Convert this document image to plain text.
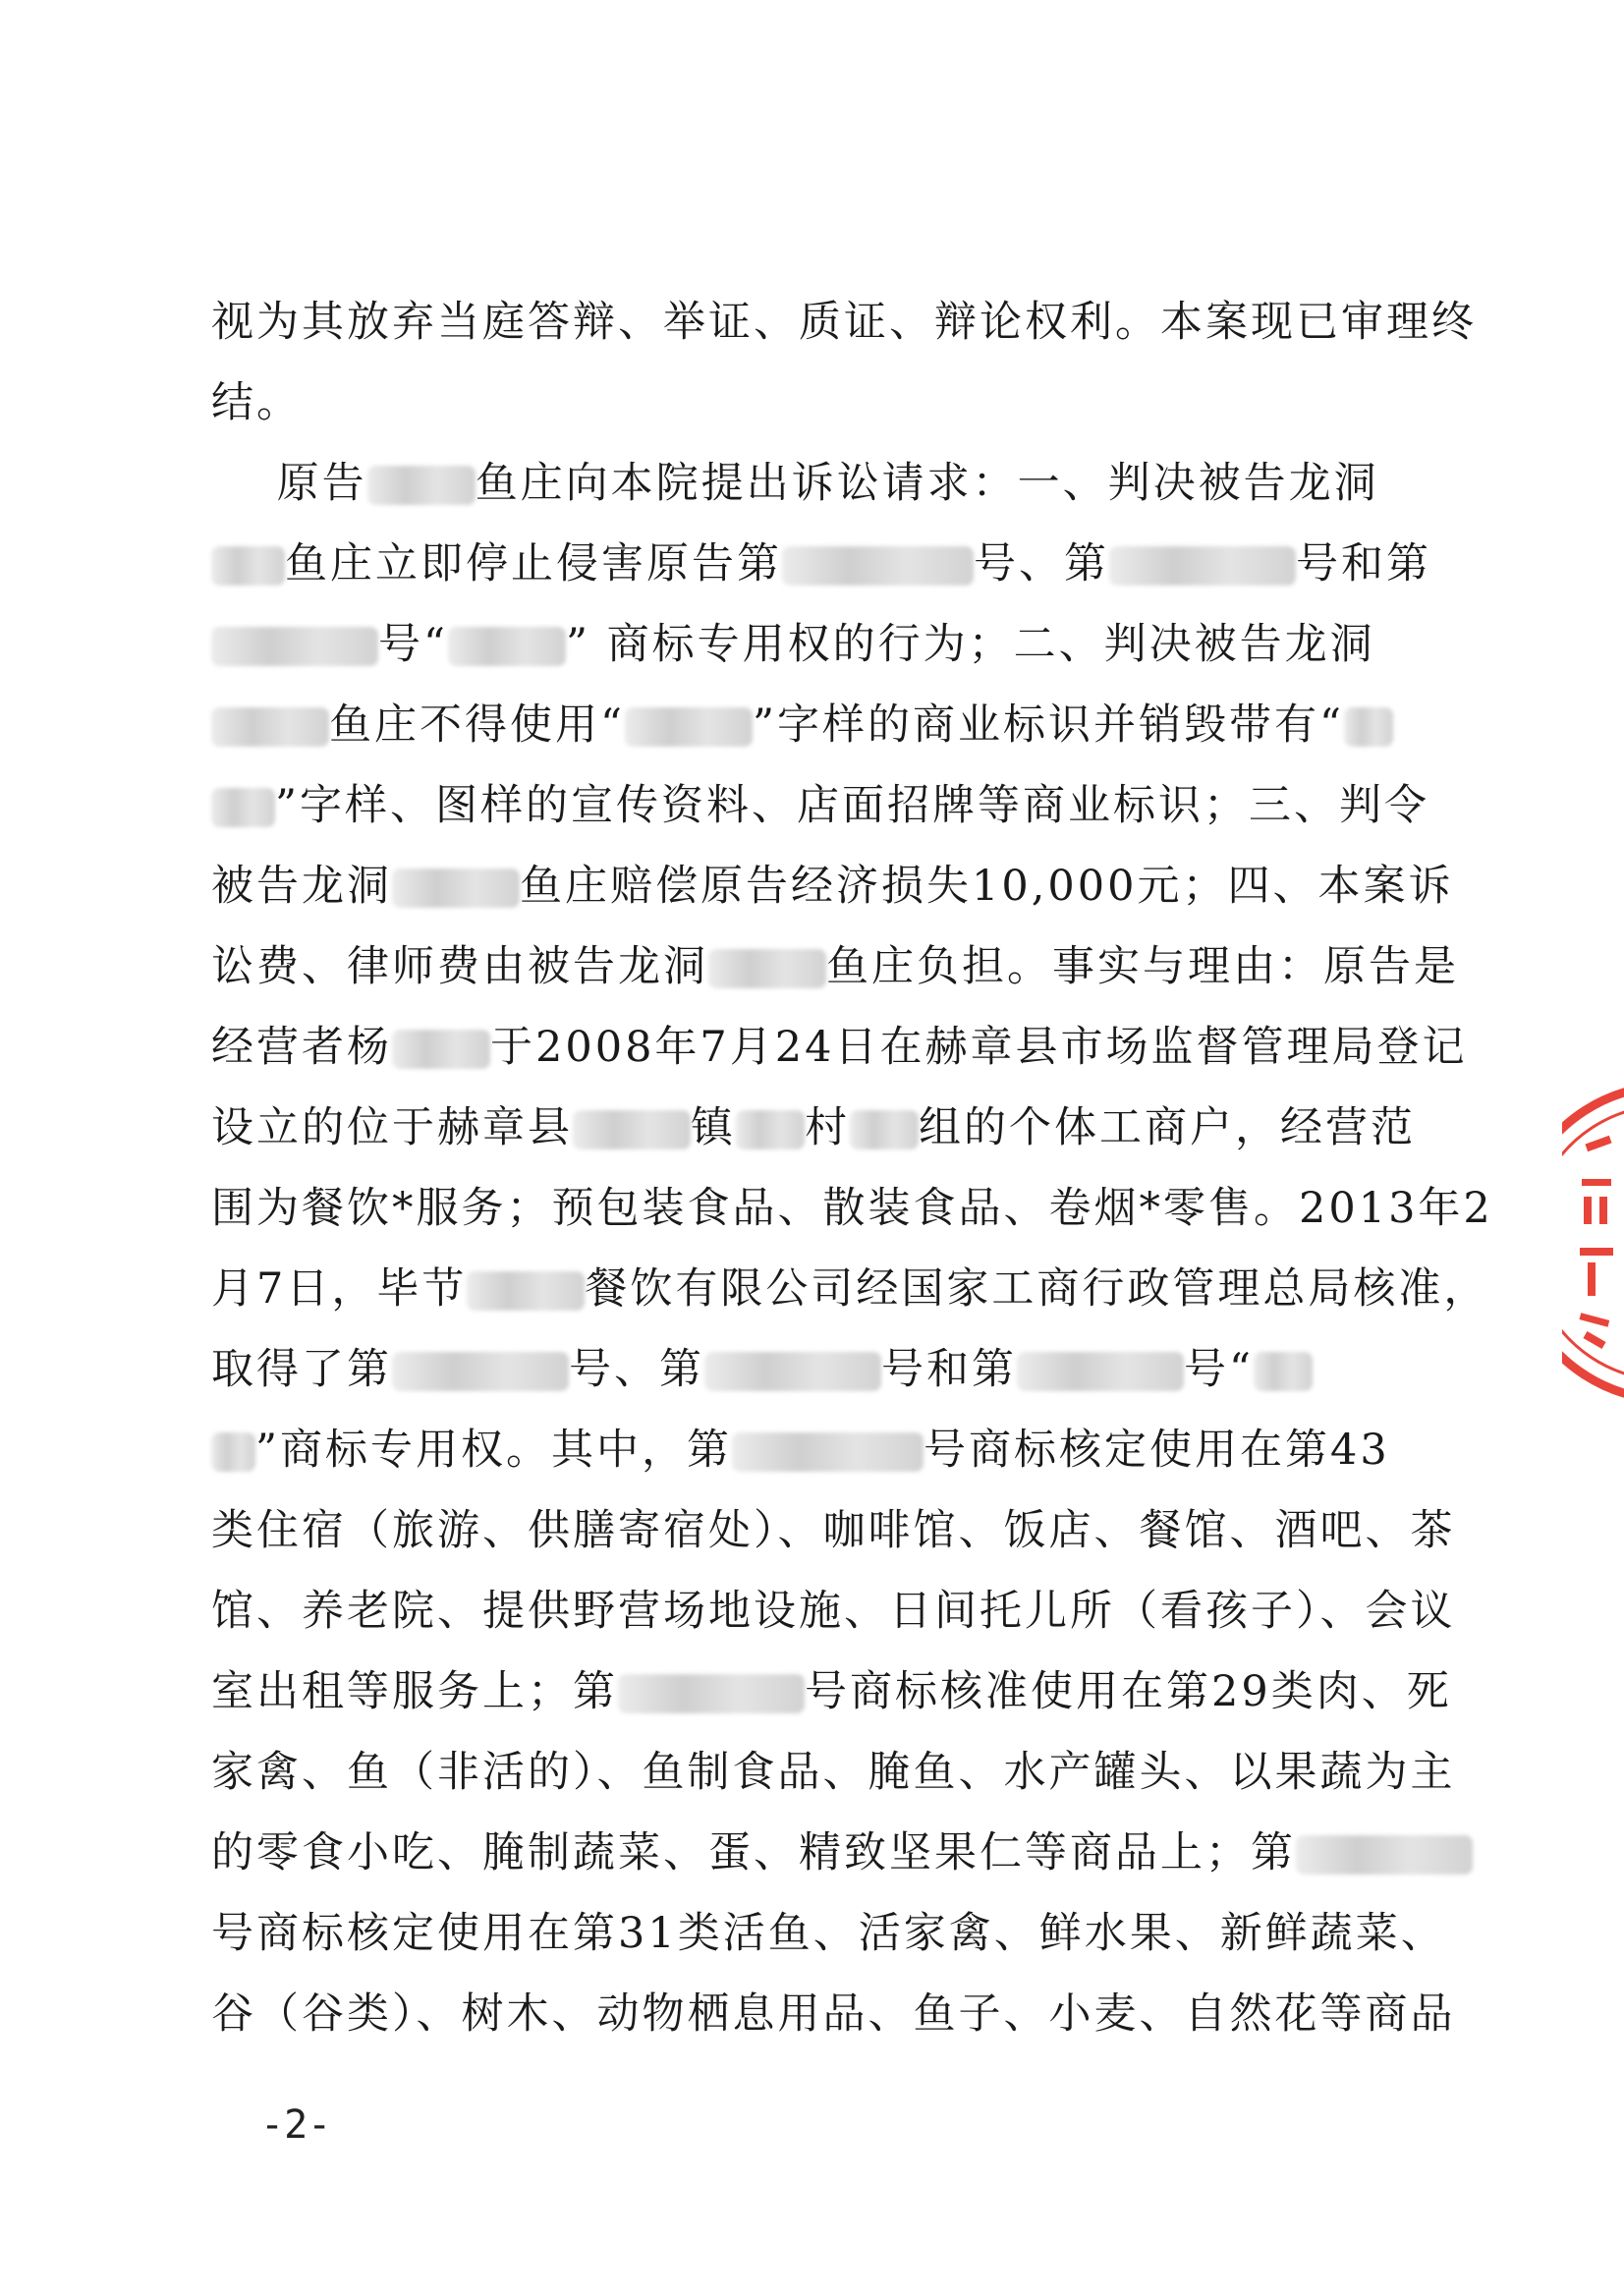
视为其放弃当庭答辩、举证、质证、辩论权利。本案现已审理终
结。
原告	鱼庄向本院提出诉讼请求：一、判决被告龙洞
鱼庄立即停止侵害原告第	号、第	号和第
号“	” 商标专用权的行为；二、判决被告龙洞
鱼庄不得使用“	”字样的商业标识并销毁带有“
”字样、图样的宣传资料、店面招牌等商业标识；三、判令
被告龙洞	鱼庄赔偿原告经济损失10,000元；四、本案诉
讼费、律师费由被告龙洞	鱼庄负担。事实与理由：原告是
经营者杨 于2008年7月24日在赫章县市场监督管理局登记
设立的位于赫章县	镇 村 组的个体工商户，经营范
围为餐饮*服务；预包装食品、散装食品、卷烟*零售。2013年2
月7日，毕节	餐饮有限公司经国家工商行政管理总局核准，
取得了第	号、第	号和第	号“
”商标专用权。其中，第	号商标核定使用在第43
类住宿（旅游、供膳寄宿处）、咖啡馆、饭店、餐馆、酒吧、茶
馆、养老院、提供野营场地设施、日间托儿所（看孩子）、会议
室出租等服务上；第	号商标核准使用在第29类肉、死
家禽、鱼（非活的）、鱼制食品、腌鱼、水产罐头、以果蔬为主
的零食小吃、腌制蔬菜、蛋、精致坚果仁等商品上；第
号商标核定使用在第31类活鱼、活家禽、鲜水果、新鲜蔬菜、
谷（谷类）、树木、动物栖息用品、鱼子、小麦、自然花等商品
-2-
